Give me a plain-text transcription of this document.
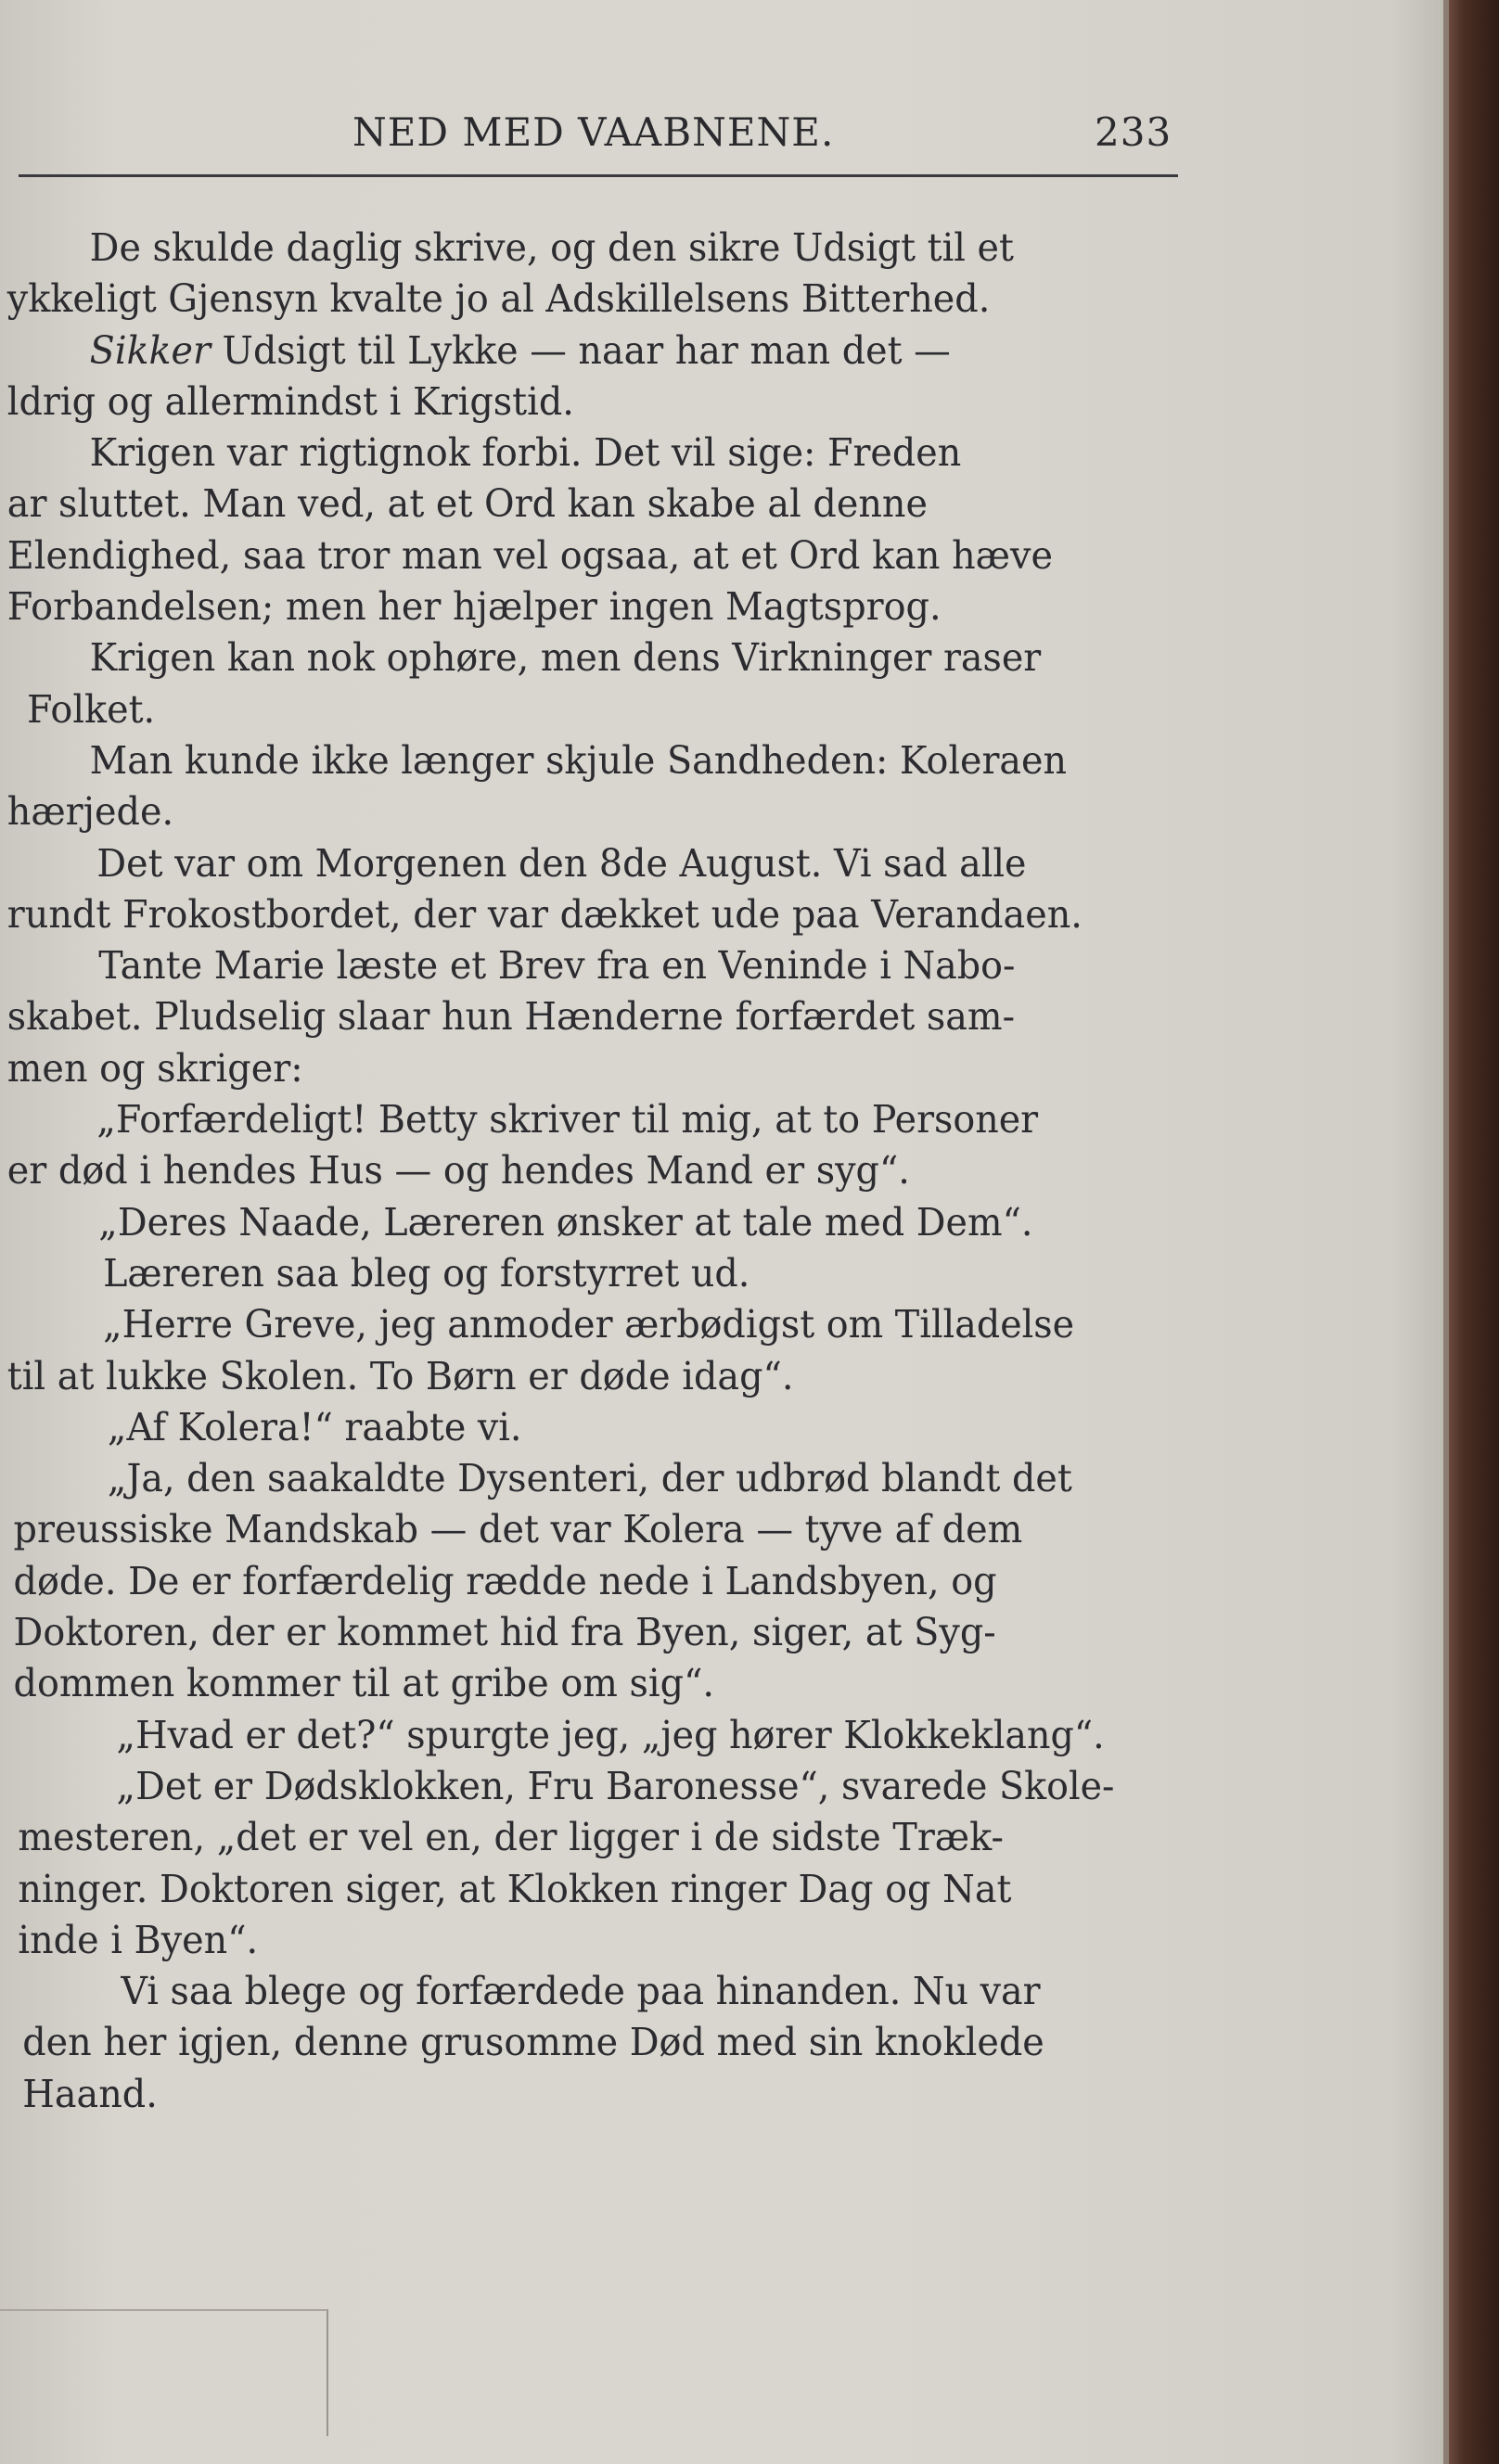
NED MED VAABNENE.	233
De skulde daglig skrive, og den sikre Udsigt til et
ykkeligt Gjensyn kvalte jo al Adskillelsens Bitterhed.
Sikker Udsigt til Lykke — naar har man det —
ldrig og allermindst i Krigstid.
Krigen var rigtignok forbi. Det vil sige: Freden
ar sluttet. Man ved, at et Ord kan skabe al denne
Elendighed, saa tror man vel ogsaa, at et Ord kan hæve
Forbandelsen; men her hjælper ingen Magtsprog.
Krigen kan nok ophøre, men dens Virkninger raser
Folket.
Man kunde ikke længer skjule Sandheden: Koleraen
hærjede.
Det var om Morgenen den 8de August. Vi sad alle
rundt Frokostbordet, der var dækket ude paa Verandaen.
Tante Marie læste et Brev fra en Veninde i Nabo-
skabet. Pludselig slaar hun Hænderne forfærdet sam-
men og skriger:
„Forfærdeligt! Betty skriver til mig, at to Personer
er død i hendes Hus — og hendes Mand er syg“.
„Deres Naade, Læreren ønsker at tale med Dem“.
Læreren saa bleg og forstyrret ud.
„Herre Greve, jeg anmoder ærbødigst om Tilladelse
til at lukke Skolen. To Børn er døde idag“.
„Af Kolera!“ raabte vi.
„Ja, den saakaldte Dysenteri, der udbrød blandt det
preussiske Mandskab — det var Kolera — tyve af dem
døde. De er forfærdelig rædde nede i Landsbyen, og
Doktoren, der er kommet hid fra Byen, siger, at Syg-
dommen kommer til at gribe om sig“.
„Hvad er det?“ spurgte jeg, „jeg hører Klokkeklang“.
„Det er Dødsklokken, Fru Baronesse“, svarede Skole-
mesteren, „det er vel en, der ligger i de sidste Træk-
ninger. Doktoren siger, at Klokken ringer Dag og Nat
inde i Byen“.
Vi saa blege og forfærdede paa hinanden. Nu var
den her igjen, denne grusomme Død med sin knoklede
Haand.
